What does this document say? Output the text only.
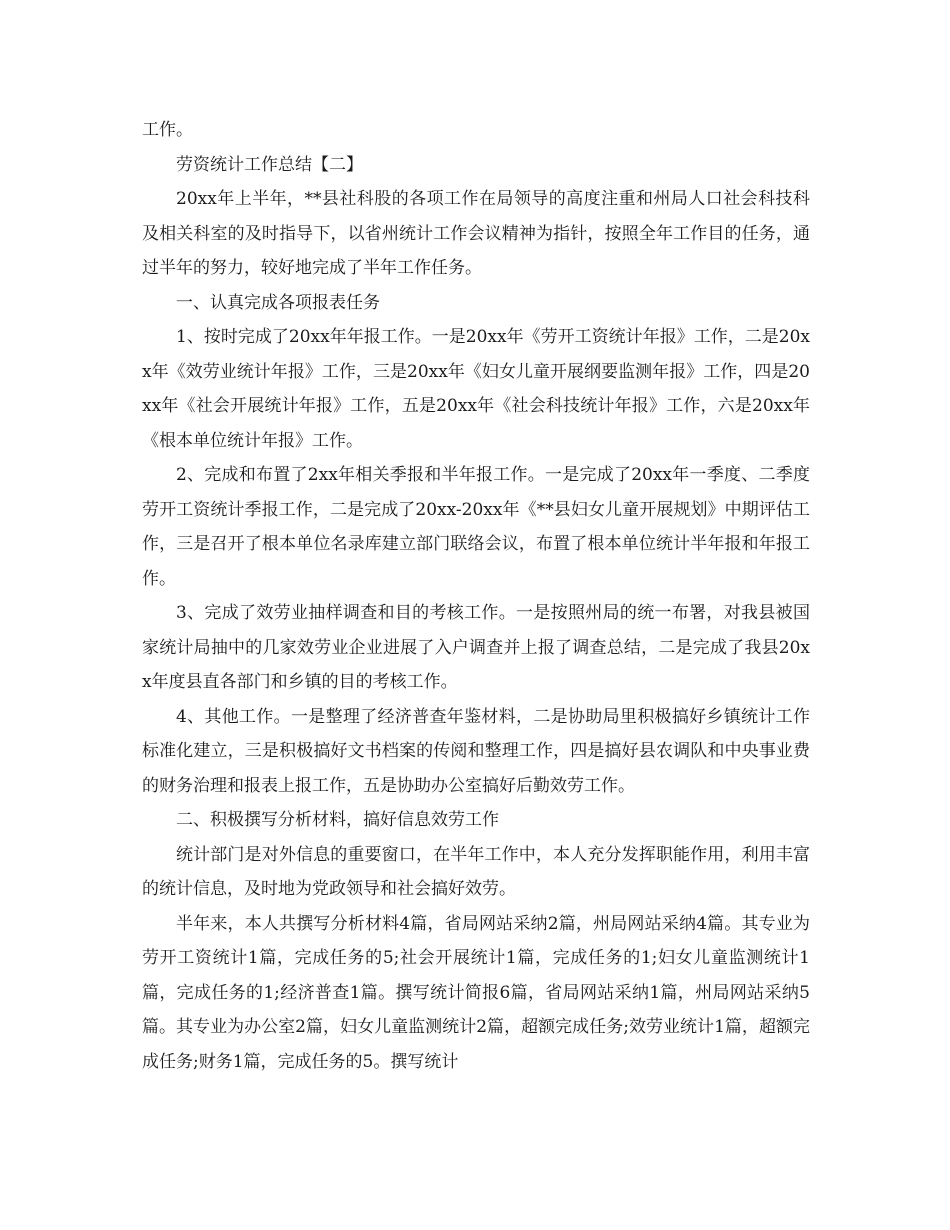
工作。

劳资统计工作总结【二】

20xx年上半年，**县社科股的各项工作在局领导的高度注重和州局人口社会科技科及相关科室的及时指导下，以省州统计工作会议精神为指针，按照全年工作目的任务，通过半年的努力，较好地完成了半年工作任务。

一、认真完成各项报表任务

1、按时完成了20xx年年报工作。一是20xx年《劳开工资统计年报》工作，二是20xx年《效劳业统计年报》工作，三是20xx年《妇女儿童开展纲要监测年报》工作，四是20xx年《社会开展统计年报》工作，五是20xx年《社会科技统计年报》工作，六是20xx年《根本单位统计年报》工作。

2、完成和布置了2xx年相关季报和半年报工作。一是完成了20xx年一季度、二季度劳开工资统计季报工作，二是完成了20xx-20xx年《**县妇女儿童开展规划》中期评估工作，三是召开了根本单位名录库建立部门联络会议，布置了根本单位统计半年报和年报工作。

3、完成了效劳业抽样调查和目的考核工作。一是按照州局的统一布署，对我县被国家统计局抽中的几家效劳业企业进展了入户调查并上报了调查总结，二是完成了我县20xx年度县直各部门和乡镇的目的考核工作。

4、其他工作。一是整理了经济普查年鉴材料，二是协助局里积极搞好乡镇统计工作标准化建立，三是积极搞好文书档案的传阅和整理工作，四是搞好县农调队和中央事业费的财务治理和报表上报工作，五是协助办公室搞好后勤效劳工作。

二、积极撰写分析材料，搞好信息效劳工作

统计部门是对外信息的重要窗口，在半年工作中，本人充分发挥职能作用，利用丰富的统计信息，及时地为党政领导和社会搞好效劳。

半年来，本人共撰写分析材料4篇，省局网站采纳2篇，州局网站采纳4篇。其专业为劳开工资统计1篇，完成任务的5;社会开展统计1篇，完成任务的1;妇女儿童监测统计1篇，完成任务的1;经济普查1篇。撰写统计简报6篇，省局网站采纳1篇，州局网站采纳5篇。其专业为办公室2篇，妇女儿童监测统计2篇，超额完成任务;效劳业统计1篇，超额完成任务;财务1篇，完成任务的5。撰写统计
